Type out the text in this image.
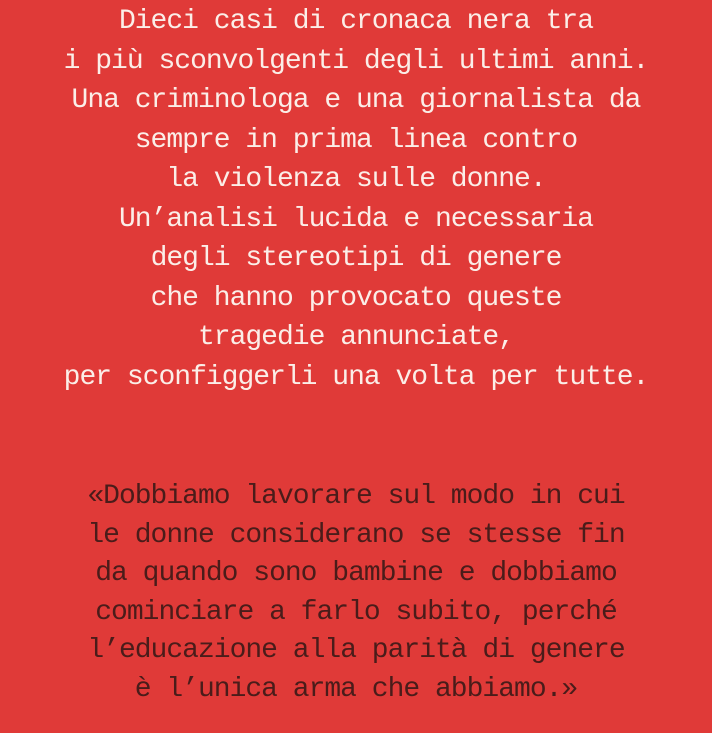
Dieci casi di cronaca nera tra
i più sconvolgenti degli ultimi anni.
Una criminologa e una giornalista da
sempre in prima linea contro
la violenza sulle donne.
Un’analisi lucida e necessaria
degli stereotipi di genere
che hanno provocato queste
tragedie annunciate,
per sconfiggerli una volta per tutte.
«Dobbiamo lavorare sul modo in cui
le donne considerano se stesse fin
da quando sono bambine e dobbiamo
cominciare a farlo subito, perché
l’educazione alla parità di genere
è l’unica arma che abbiamo.»
